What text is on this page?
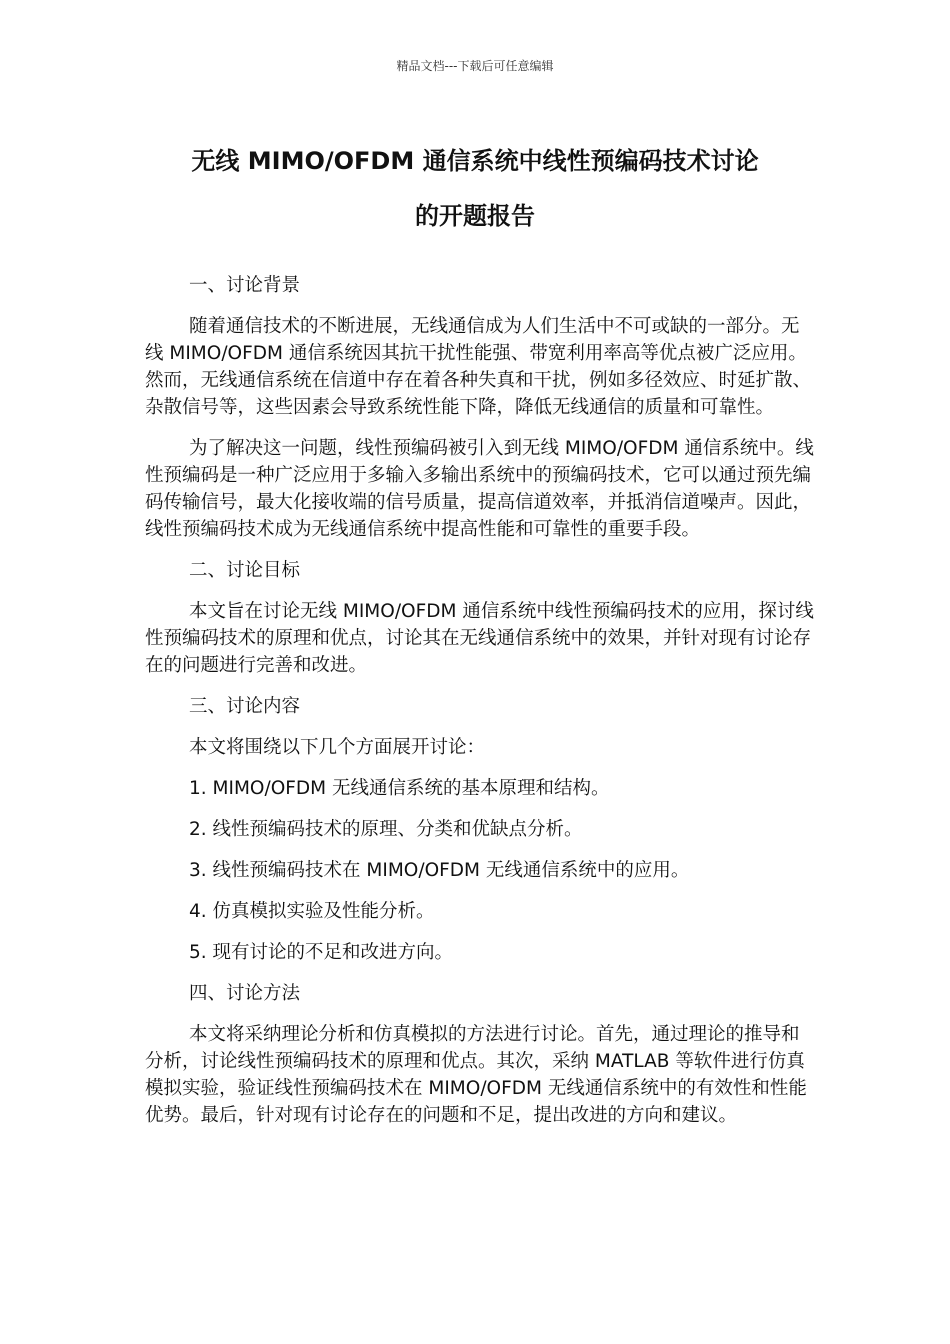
精品文档---下载后可任意编辑
无线 MIMO/OFDM 通信系统中线性预编码技术讨论
的开题报告

一、讨论背景

随着通信技术的不断进展，无线通信成为人们生活中不可或缺的一部分。无线 MIMO/OFDM 通信系统因其抗干扰性能强、带宽利用率高等优点被广泛应用。然而，无线通信系统在信道中存在着各种失真和干扰，例如多径效应、时延扩散、杂散信号等，这些因素会导致系统性能下降，降低无线通信的质量和可靠性。

为了解决这一问题，线性预编码被引入到无线 MIMO/OFDM 通信系统中。线性预编码是一种广泛应用于多输入多输出系统中的预编码技术，它可以通过预先编码传输信号，最大化接收端的信号质量，提高信道效率，并抵消信道噪声。因此，线性预编码技术成为无线通信系统中提高性能和可靠性的重要手段。

二、讨论目标

本文旨在讨论无线 MIMO/OFDM 通信系统中线性预编码技术的应用，探讨线性预编码技术的原理和优点，讨论其在无线通信系统中的效果，并针对现有讨论存在的问题进行完善和改进。

三、讨论内容

本文将围绕以下几个方面展开讨论：

1. MIMO/OFDM 无线通信系统的基本原理和结构。

2. 线性预编码技术的原理、分类和优缺点分析。

3. 线性预编码技术在 MIMO/OFDM 无线通信系统中的应用。

4. 仿真模拟实验及性能分析。

5. 现有讨论的不足和改进方向。

四、讨论方法

本文将采纳理论分析和仿真模拟的方法进行讨论。首先，通过理论的推导和分析，讨论线性预编码技术的原理和优点。其次，采纳 MATLAB 等软件进行仿真模拟实验，验证线性预编码技术在 MIMO/OFDM 无线通信系统中的有效性和性能优势。最后，针对现有讨论存在的问题和不足，提出改进的方向和建议。
